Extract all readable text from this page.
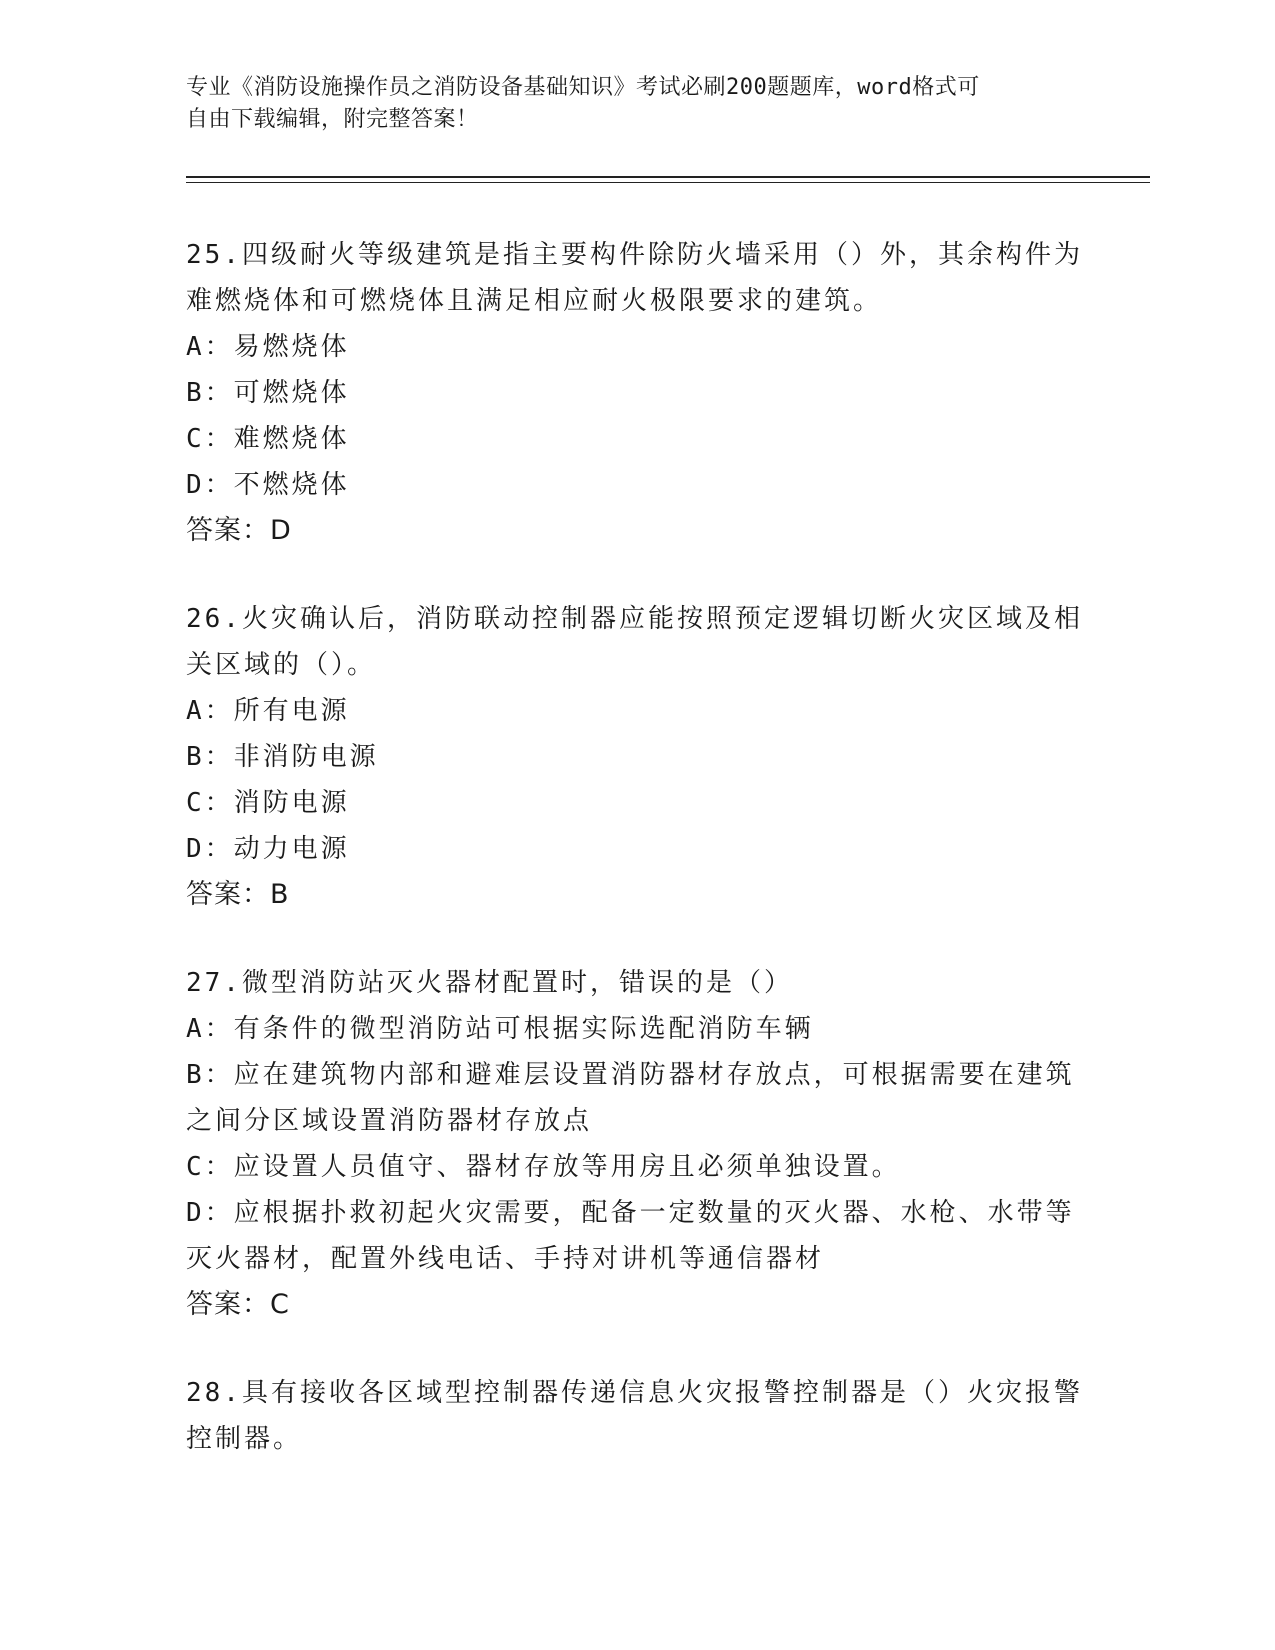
专业《消防设施操作员之消防设备基础知识》考试必刷200题题库，word格式可
自由下载编辑，附完整答案！
25.四级耐火等级建筑是指主要构件除防火墙采用（）外，其余构件为
难燃烧体和可燃烧体且满足相应耐火极限要求的建筑。
A：易燃烧体
B：可燃烧体
C：难燃烧体
D：不燃烧体
答案：D
26.火灾确认后，消防联动控制器应能按照预定逻辑切断火灾区域及相
关区域的（）。
A：所有电源
B：非消防电源
C：消防电源
D：动力电源
答案：B
27.微型消防站灭火器材配置时，错误的是（）
A：有条件的微型消防站可根据实际选配消防车辆
B：应在建筑物内部和避难层设置消防器材存放点，可根据需要在建筑
之间分区域设置消防器材存放点
C：应设置人员值守、器材存放等用房且必须单独设置。
D：应根据扑救初起火灾需要，配备一定数量的灭火器、水枪、水带等
灭火器材，配置外线电话、手持对讲机等通信器材
答案：C
28.具有接收各区域型控制器传递信息火灾报警控制器是（）火灾报警
控制器。
